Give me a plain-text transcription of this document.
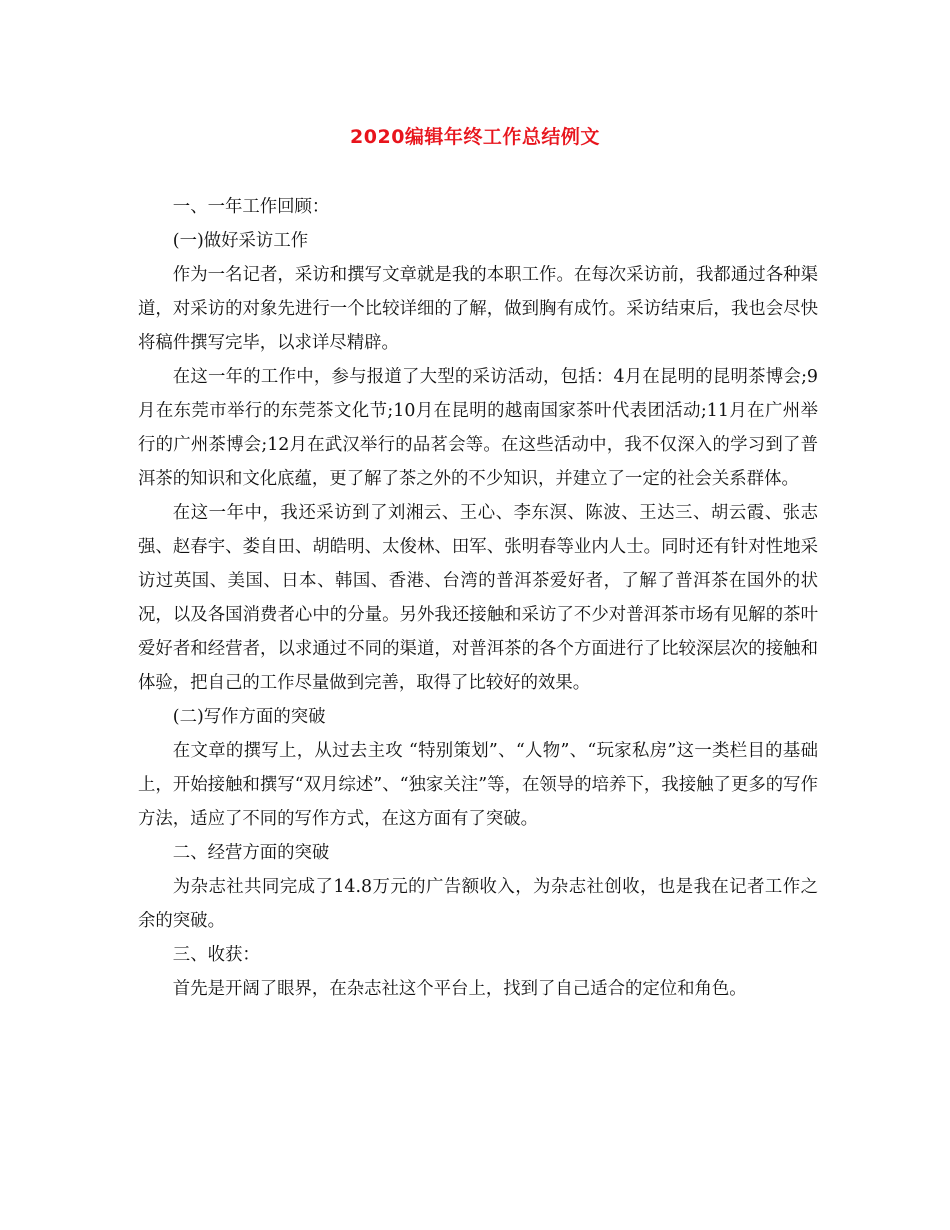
2020编辑年终工作总结例文

一、一年工作回顾：

(一)做好采访工作

作为一名记者，采访和撰写文章就是我的本职工作。在每次采访前，我都通过各种渠道，对采访的对象先进行一个比较详细的了解，做到胸有成竹。采访结束后，我也会尽快将稿件撰写完毕，以求详尽精辟。

在这一年的工作中，参与报道了大型的采访活动，包括：4月在昆明的昆明茶博会;9月在东莞市举行的东莞茶文化节;10月在昆明的越南国家茶叶代表团活动;11月在广州举行的广州茶博会;12月在武汉举行的品茗会等。在这些活动中，我不仅深入的学习到了普洱茶的知识和文化底蕴，更了解了茶之外的不少知识，并建立了一定的社会关系群体。

在这一年中，我还采访到了刘湘云、王心、李东溟、陈波、王达三、胡云霞、张志强、赵春宇、娄自田、胡皓明、太俊林、田军、张明春等业内人士。同时还有针对性地采访过英国、美国、日本、韩国、香港、台湾的普洱茶爱好者，了解了普洱茶在国外的状况，以及各国消费者心中的分量。另外我还接触和采访了不少对普洱茶市场有见解的茶叶爱好者和经营者，以求通过不同的渠道，对普洱茶的各个方面进行了比较深层次的接触和体验，把自己的工作尽量做到完善，取得了比较好的效果。

(二)写作方面的突破

在文章的撰写上，从过去主攻 “特别策划”、“人物”、“玩家私房”这一类栏目的基础上，开始接触和撰写“双月综述”、“独家关注”等，在领导的培养下，我接触了更多的写作方法，适应了不同的写作方式，在这方面有了突破。

二、经营方面的突破

为杂志社共同完成了14.8万元的广告额收入，为杂志社创收，也是我在记者工作之余的突破。

三、收获：

首先是开阔了眼界，在杂志社这个平台上，找到了自己适合的定位和角色。
